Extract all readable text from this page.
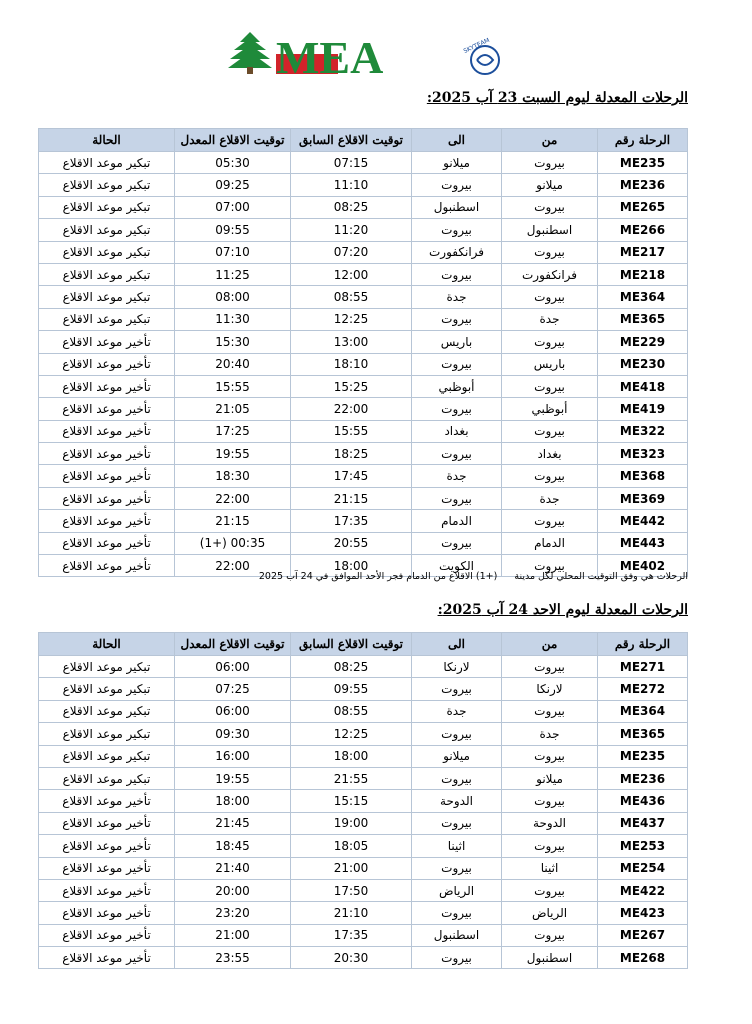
MEA	SKYTEAM
الرحلات المعدلة ليوم السبت 23 آب 2025:
الرحلة رقم	من	الى	توقيت الاقلاع السابق	توقيت الاقلاع المعدل	الحالة
ME235	بيروت	ميلانو	07:15	05:30	تبكير موعد الاقلاع
ME236	ميلانو	بيروت	11:10	09:25	تبكير موعد الاقلاع
ME265	بيروت	اسطنبول	08:25	07:00	تبكير موعد الاقلاع
ME266	اسطنبول	بيروت	11:20	09:55	تبكير موعد الاقلاع
ME217	بيروت	فرانكفورت	07:20	07:10	تبكير موعد الاقلاع
ME218	فرانكفورت	بيروت	12:00	11:25	تبكير موعد الاقلاع
ME364	بيروت	جدة	08:55	08:00	تبكير موعد الاقلاع
ME365	جدة	بيروت	12:25	11:30	تبكير موعد الاقلاع
ME229	بيروت	باريس	13:00	15:30	تأخير موعد الاقلاع
ME230	باريس	بيروت	18:10	20:40	تأخير موعد الاقلاع
ME418	بيروت	أبوظبي	15:25	15:55	تأخير موعد الاقلاع
ME419	أبوظبي	بيروت	22:00	21:05	تأخير موعد الاقلاع
ME322	بيروت	بغداد	15:55	17:25	تأخير موعد الاقلاع
ME323	بغداد	بيروت	18:25	19:55	تأخير موعد الاقلاع
ME368	بيروت	جدة	17:45	18:30	تأخير موعد الاقلاع
ME369	جدة	بيروت	21:15	22:00	تأخير موعد الاقلاع
ME442	بيروت	الدمام	17:35	21:15	تأخير موعد الاقلاع
ME443	الدمام	بيروت	20:55	00:35 (+1)	تأخير موعد الاقلاع
ME402	بيروت	الكويت	18:00	22:00	تأخير موعد الاقلاع
الرحلات هي وفق التوقيت المحلي لكل مدينة (+1) الاقلاع من الدمام فجر الأحد الموافق في 24 آب 2025
الرحلات المعدلة ليوم الاحد 24 آب 2025:
الرحلة رقم	من	الى	توقيت الاقلاع السابق	توقيت الاقلاع المعدل	الحالة
ME271	بيروت	لارنكا	08:25	06:00	تبكير موعد الاقلاع
ME272	لارنكا	بيروت	09:55	07:25	تبكير موعد الاقلاع
ME364	بيروت	جدة	08:55	06:00	تبكير موعد الاقلاع
ME365	جدة	بيروت	12:25	09:30	تبكير موعد الاقلاع
ME235	بيروت	ميلانو	18:00	16:00	تبكير موعد الاقلاع
ME236	ميلانو	بيروت	21:55	19:55	تبكير موعد الاقلاع
ME436	بيروت	الدوحة	15:15	18:00	تأخير موعد الاقلاع
ME437	الدوحة	بيروت	19:00	21:45	تأخير موعد الاقلاع
ME253	بيروت	اثينا	18:05	18:45	تأخير موعد الاقلاع
ME254	اثينا	بيروت	21:00	21:40	تأخير موعد الاقلاع
ME422	بيروت	الرياض	17:50	20:00	تأخير موعد الاقلاع
ME423	الرياض	بيروت	21:10	23:20	تأخير موعد الاقلاع
ME267	بيروت	اسطنبول	17:35	21:00	تأخير موعد الاقلاع
ME268	اسطنبول	بيروت	20:30	23:55	تأخير موعد الاقلاع
